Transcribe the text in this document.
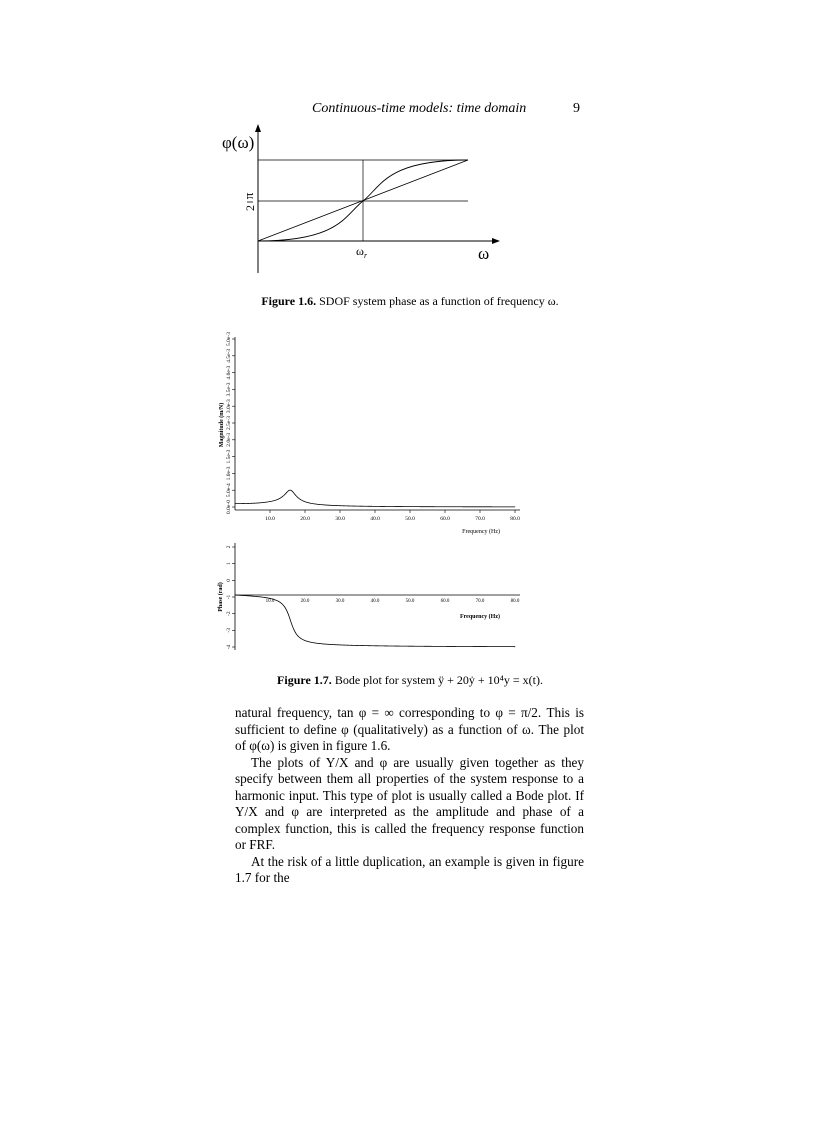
Continuous-time models: time domain	9
φ(ω)
π
2
ω r	ω
Figure 1.6. SDOF system phase as a function of frequency ω.
Magnitude (m/N)
Frequency (Hz)
0.0e-0
5.0e-4
1.0e-3
1.5e-3
2.0e-3
2.5e-3
3.0e-3
3.5e-3
4.0e-3
4.5e-3
5.0e-3
10.0	20.0	30.0	40.0	50.0	60.0	70.0	80.0
Phase (rad)
Frequency (Hz)
-4
-3
-2
-1
0
1
2
10.0	20.0	30.0	40.0	50.0	60.0	70.0	80.0
Figure 1.7. Bode plot for system ÿ + 20ẏ + 10⁴y = x(t).

natural frequency, tan φ = ∞ corresponding to φ = π/2. This is sufficient to define φ (qualitatively) as a function of ω. The plot of φ(ω) is given in figure 1.6.

The plots of Y/X and φ are usually given together as they specify between them all properties of the system response to a harmonic input. This type of plot is usually called a Bode plot. If Y/X and φ are interpreted as the amplitude and phase of a complex function, this is called the frequency response function or FRF.

At the risk of a little duplication, an example is given in figure 1.7 for the
